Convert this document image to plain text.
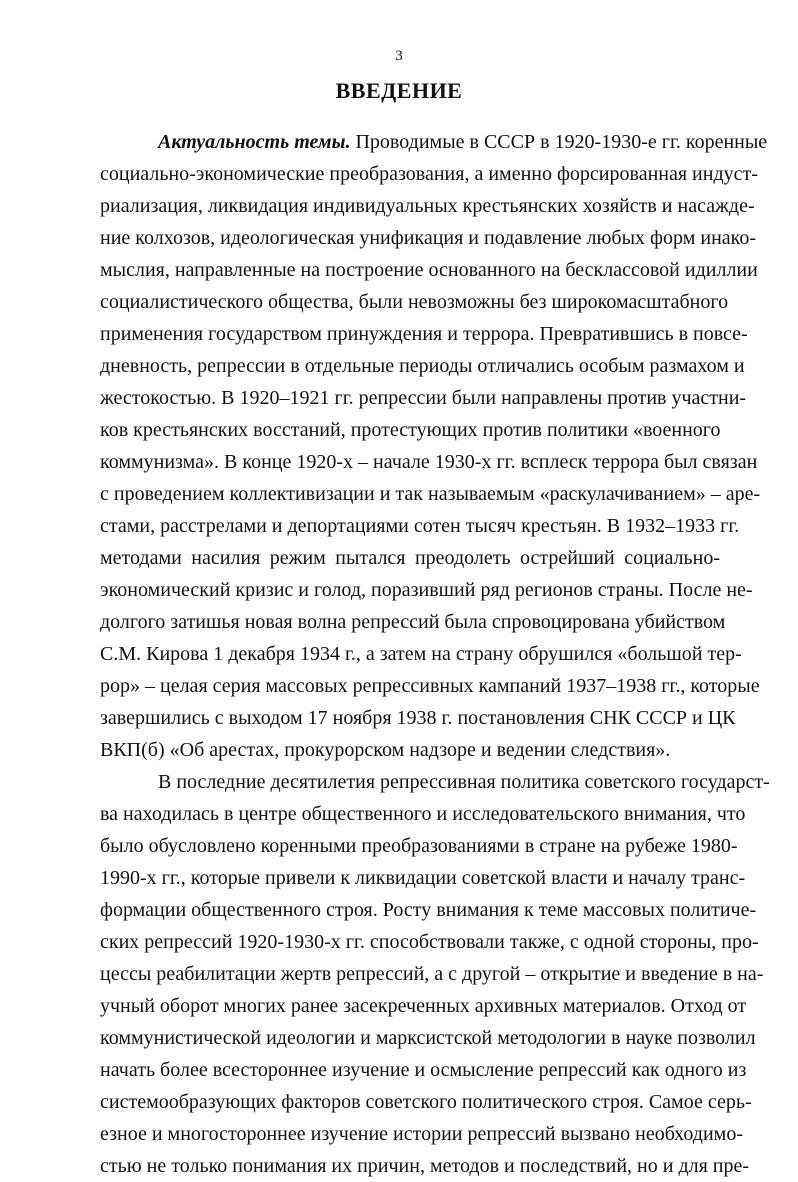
3
ВВЕДЕНИЕ
Актуальность темы. Проводимые в СССР в 1920-1930-е гг. коренные
социально-экономические преобразования, а именно форсированная индуст-
риализация, ликвидация индивидуальных крестьянских хозяйств и насажде-
ние колхозов, идеологическая унификация и подавление любых форм инако-
мыслия, направленные на построение основанного на бесклассовой идиллии
социалистического общества, были невозможны без широкомасштабного
применения государством принуждения и террора. Превратившись в повсе-
дневность, репрессии в отдельные периоды отличались особым размахом и
жестокостью. В 1920–1921 гг. репрессии были направлены против участни-
ков крестьянских восстаний, протестующих против политики «военного
коммунизма». В конце 1920-х – начале 1930-х гг. всплеск террора был связан
с проведением коллективизации и так называемым «раскулачиванием» – аре-
стами, расстрелами и депортациями сотен тысяч крестьян. В 1932–1933 гг.
методами насилия режим пытался преодолеть острейший социально-
экономический кризис и голод, поразивший ряд регионов страны. После не-
долгого затишья новая волна репрессий была спровоцирована убийством
С.М. Кирова 1 декабря 1934 г., а затем на страну обрушился «большой тер-
рор» – целая серия массовых репрессивных кампаний 1937–1938 гг., которые
завершились с выходом 17 ноября 1938 г. постановления СНК СССР и ЦК
ВКП(б) «Об арестах, прокурорском надзоре и ведении следствия».
В последние десятилетия репрессивная политика советского государст-
ва находилась в центре общественного и исследовательского внимания, что
было обусловлено коренными преобразованиями в стране на рубеже 1980-
1990-х гг., которые привели к ликвидации советской власти и началу транс-
формации общественного строя. Росту внимания к теме массовых политиче-
ских репрессий 1920-1930-х гг. способствовали также, с одной стороны, про-
цессы реабилитации жертв репрессий, а с другой – открытие и введение в на-
учный оборот многих ранее засекреченных архивных материалов. Отход от
коммунистической идеологии и марксистской методологии в науке позволил
начать более всестороннее изучение и осмысление репрессий как одного из
системообразующих факторов советского политического строя. Самое серь-
езное и многостороннее изучение истории репрессий вызвано необходимо-
стью не только понимания их причин, методов и последствий, но и для пре-
